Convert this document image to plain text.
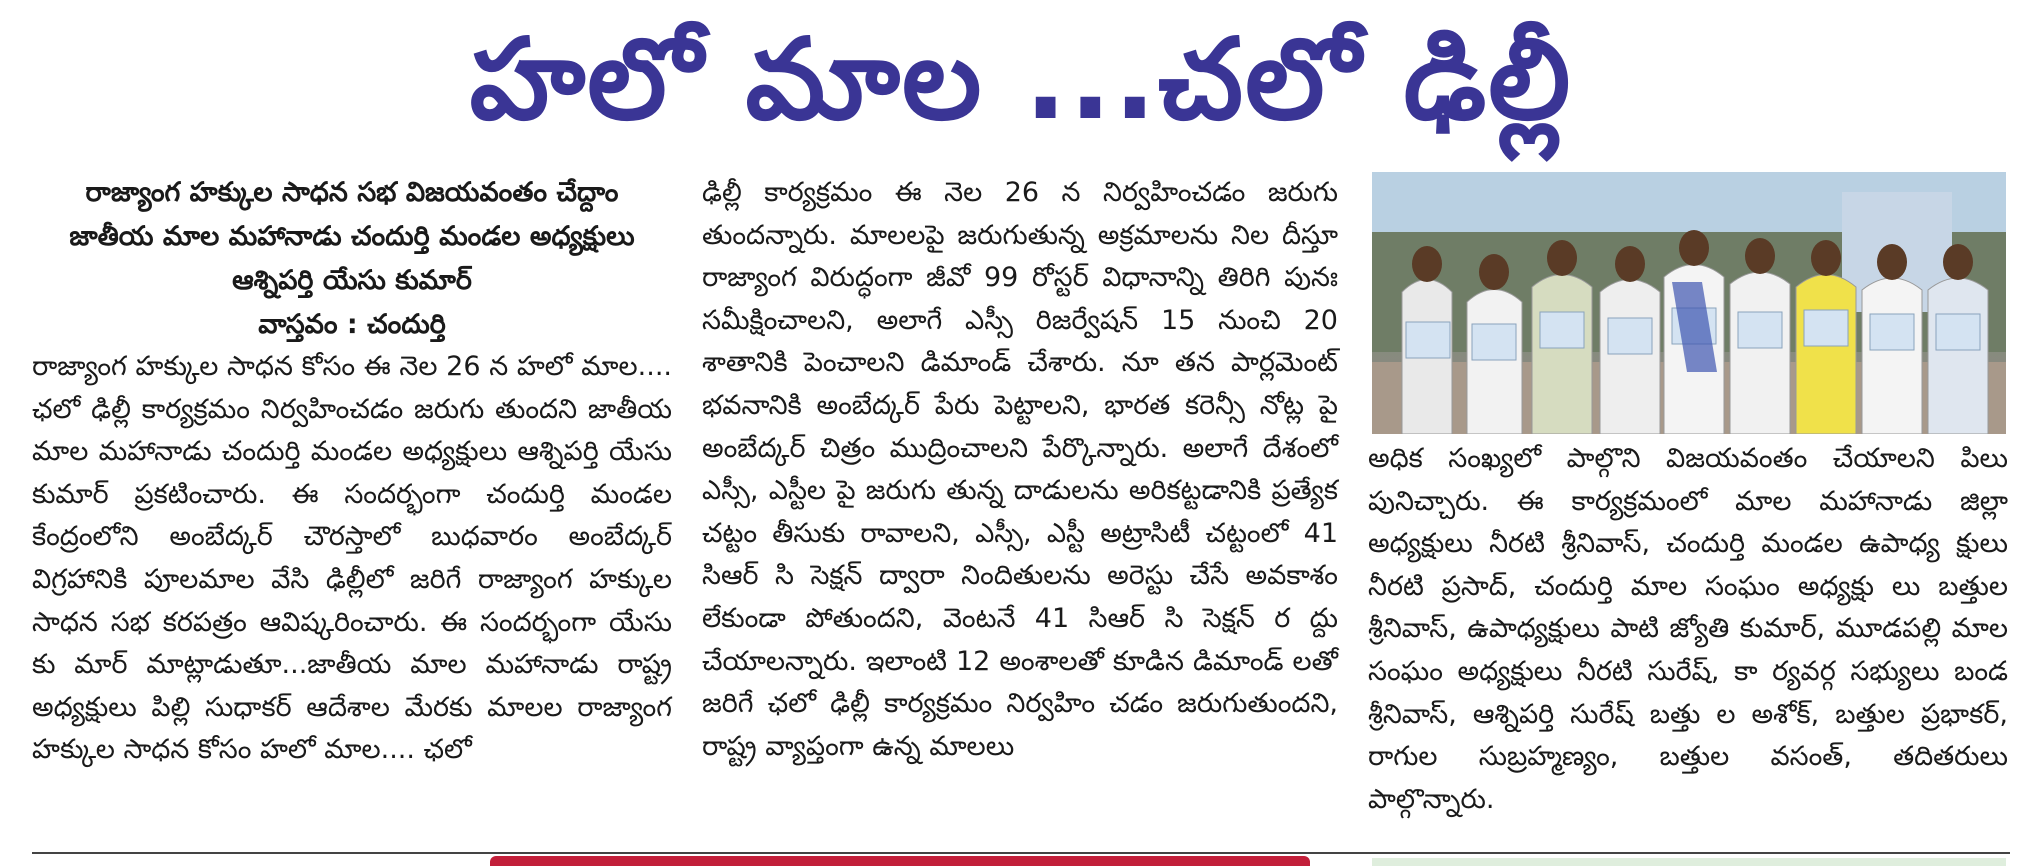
హలో మాల ...చలో ఢిల్లీ
రాజ్యాంగ హక్కుల సాధన సభ విజయవంతం చేద్దాం
జాతీయ మాల మహానాడు చందుర్తి మండల అధ్యక్షులు
ఆశ్నిపర్తి యేసు కుమార్
వాస్తవం : చందుర్తి

రాజ్యాంగ హక్కుల సాధన కోసం ఈ నెల 26 న హలో మాల.... ఛలో ఢిల్లీ కార్యక్రమం నిర్వహించడం జరుగు తుందని జాతీయ మాల మహానాడు చందుర్తి మండల అధ్యక్షులు ఆశ్నిపర్తి యేసు కుమార్ ప్రకటించారు. ఈ సందర్భంగా చందుర్తి మండల కేంద్రంలోని అంబేద్కర్ చౌరస్తాలో బుధవారం అంబేద్కర్ విగ్రహానికి పూలమాల వేసి ఢిల్లీలో జరిగే రాజ్యాంగ హక్కుల సాధన సభ కరపత్రం ఆవిష్కరించారు. ఈ సందర్భంగా యేసు కు మార్ మాట్లాడుతూ...జాతీయ మాల మహానాడు రాష్ట్ర అధ్యక్షులు పిల్లి సుధాకర్ ఆదేశాల మేరకు మాలల రాజ్యాంగ హక్కుల సాధన కోసం హలో మాల.... ఛలో

ఢిల్లీ కార్యక్రమం ఈ నెల 26 న నిర్వహించడం జరుగు తుందన్నారు. మాలలపై జరుగుతున్న అక్రమాలను నిల దీస్తూ రాజ్యాంగ విరుద్ధంగా జీవో 99 రోస్టర్ విధానాన్ని తిరిగి పునః సమీక్షించాలని, అలాగే ఎస్సీ రిజర్వేషన్ 15 నుంచి 20 శాతానికి పెంచాలని డిమాండ్ చేశారు. నూ తన పార్లమెంట్ భవనానికి అంబేద్కర్ పేరు పెట్టాలని, భారత కరెన్సీ నోట్ల పై అంబేద్కర్ చిత్రం ముద్రించాలని పేర్కొన్నారు. అలాగే దేశంలో ఎస్సీ, ఎస్టీల పై జరుగు తున్న దాడులను అరికట్టడానికి ప్రత్యేక చట్టం తీసుకు రావాలని, ఎస్సీ, ఎస్టీ అట్రాసిటీ చట్టంలో 41 సిఆర్ సి సెక్షన్ ద్వారా నిందితులను అరెస్టు చేసే అవకాశం లేకుండా పోతుందని, వెంటనే 41 సిఆర్ సి సెక్షన్ ర ద్దు చేయాలన్నారు. ఇలాంటి 12 అంశాలతో కూడిన డిమాండ్ లతో జరిగే ఛలో ఢిల్లీ కార్యక్రమం నిర్వహిం చడం జరుగుతుందని, రాష్ట్ర వ్యాప్తంగా ఉన్న మాలలు

అధిక సంఖ్యలో పాల్గొని విజయవంతం చేయాలని పిలు పునిచ్చారు. ఈ కార్యక్రమంలో మాల మహానాడు జిల్లా అధ్యక్షులు నీరటి శ్రీనివాస్, చందుర్తి మండల ఉపాధ్య క్షులు నీరటి ప్రసాద్, చందుర్తి మాల సంఘం అధ్యక్షు లు బత్తుల శ్రీనివాస్, ఉపాధ్యక్షులు పాటి జ్యోతి కుమార్, మూడపల్లి మాల సంఘం అధ్యక్షులు నీరటి సురేష్, కా ర్యవర్గ సభ్యులు బండ శ్రీనివాస్, ఆశ్నిపర్తి సురేష్ బత్తు ల అశోక్, బత్తుల ప్రభాకర్, రాగుల సుబ్రహ్మణ్యం, బత్తుల వసంత్, తదితరులు పాల్గొన్నారు.
